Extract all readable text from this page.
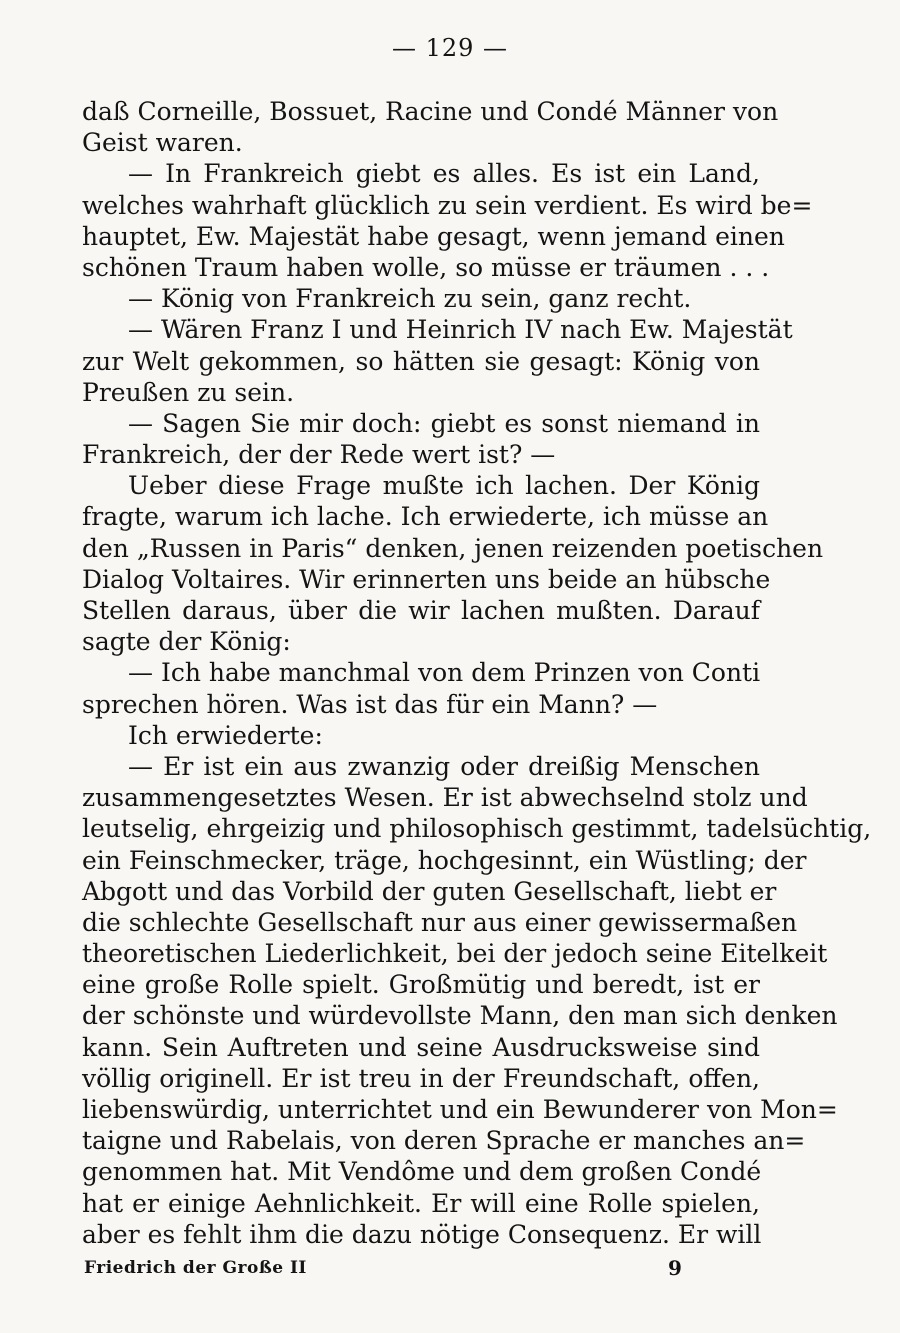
— 129 —
daß Corneille, Bossuet, Racine und Condé Männer von
Geist waren.
— In Frankreich giebt es alles. Es ist ein Land,
welches wahrhaft glücklich zu sein verdient. Es wird be=
hauptet, Ew. Majestät habe gesagt, wenn jemand einen
schönen Traum haben wolle, so müsse er träumen . . .
— König von Frankreich zu sein, ganz recht.
— Wären Franz I und Heinrich IV nach Ew. Majestät
zur Welt gekommen, so hätten sie gesagt: König von
Preußen zu sein.
— Sagen Sie mir doch: giebt es sonst niemand in
Frankreich, der der Rede wert ist? —
Ueber diese Frage mußte ich lachen. Der König
fragte, warum ich lache. Ich erwiederte, ich müsse an
den „Russen in Paris“ denken, jenen reizenden poetischen
Dialog Voltaires. Wir erinnerten uns beide an hübsche
Stellen daraus, über die wir lachen mußten. Darauf
sagte der König:
— Ich habe manchmal von dem Prinzen von Conti
sprechen hören. Was ist das für ein Mann? —
Ich erwiederte:
— Er ist ein aus zwanzig oder dreißig Menschen
zusammengesetztes Wesen. Er ist abwechselnd stolz und
leutselig, ehrgeizig und philosophisch gestimmt, tadelsüchtig,
ein Feinschmecker, träge, hochgesinnt, ein Wüstling; der
Abgott und das Vorbild der guten Gesellschaft, liebt er
die schlechte Gesellschaft nur aus einer gewissermaßen
theoretischen Liederlichkeit, bei der jedoch seine Eitelkeit
eine große Rolle spielt. Großmütig und beredt, ist er
der schönste und würdevollste Mann, den man sich denken
kann. Sein Auftreten und seine Ausdrucksweise sind
völlig originell. Er ist treu in der Freundschaft, offen,
liebenswürdig, unterrichtet und ein Bewunderer von Mon=
taigne und Rabelais, von deren Sprache er manches an=
genommen hat. Mit Vendôme und dem großen Condé
hat er einige Aehnlichkeit. Er will eine Rolle spielen,
aber es fehlt ihm die dazu nötige Consequenz. Er will
Friedrich der Große II	9
